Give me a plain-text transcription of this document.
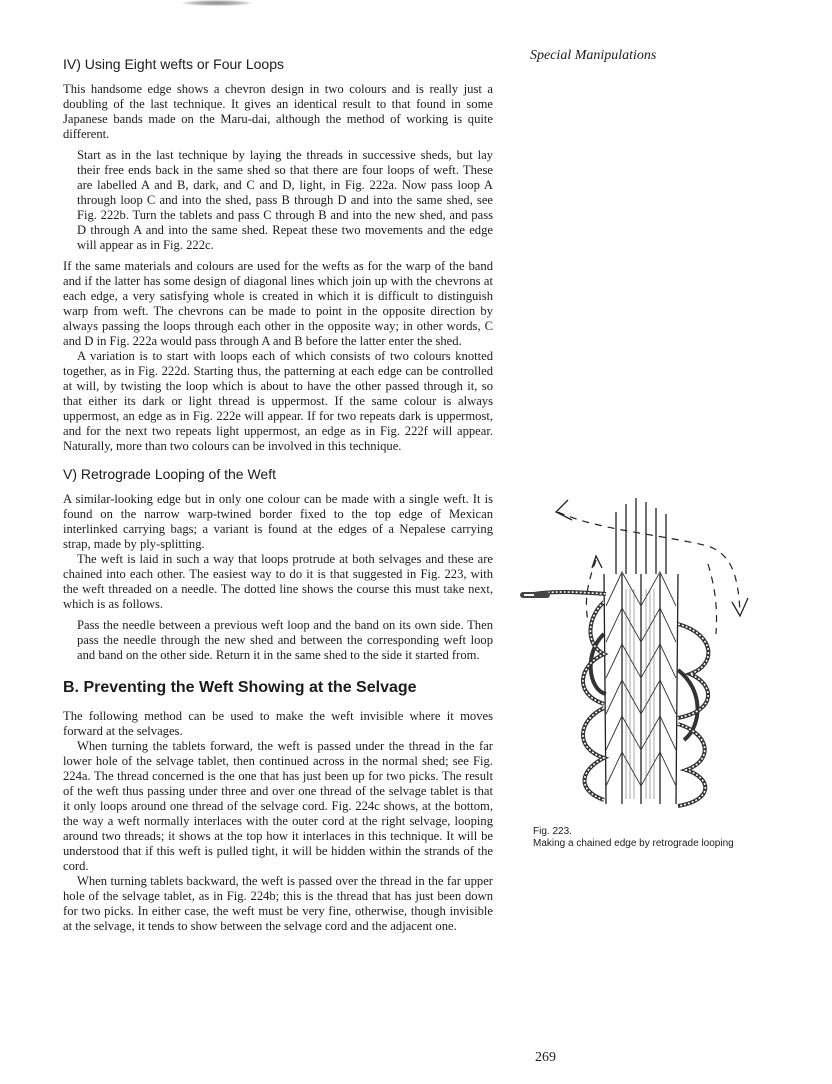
Special Manipulations
IV) Using Eight wefts or Four Loops

This handsome edge shows a chevron design in two colours and is really just a doubling of the last technique. It gives an identical result to that found in some Japanese bands made on the Maru-dai, although the method of working is quite different.

Start as in the last technique by laying the threads in successive sheds, but lay their free ends back in the same shed so that there are four loops of weft. These are labelled A and B, dark, and C and D, light, in Fig. 222a. Now pass loop A through loop C and into the shed, pass B through D and into the same shed, see Fig. 222b. Turn the tablets and pass C through B and into the new shed, and pass D through A and into the same shed. Repeat these two movements and the edge will appear as in Fig. 222c.

If the same materials and colours are used for the wefts as for the warp of the band and if the latter has some design of diagonal lines which join up with the chevrons at each edge, a very satisfying whole is created in which it is difficult to distinguish warp from weft. The chevrons can be made to point in the opposite direction by always passing the loops through each other in the opposite way; in other words, C and D in Fig. 222a would pass through A and B before the latter enter the shed.

A variation is to start with loops each of which consists of two colours knotted together, as in Fig. 222d. Starting thus, the patterning at each edge can be controlled at will, by twisting the loop which is about to have the other passed through it, so that either its dark or light thread is uppermost. If the same colour is always uppermost, an edge as in Fig. 222e will appear. If for two repeats dark is uppermost, and for the next two repeats light uppermost, an edge as in Fig. 222f will appear. Naturally, more than two colours can be involved in this technique.

V) Retrograde Looping of the Weft

A similar-looking edge but in only one colour can be made with a single weft. It is found on the narrow warp-twined border fixed to the top edge of Mexican interlinked carrying bags; a variant is found at the edges of a Nepalese carrying strap, made by ply-splitting.

The weft is laid in such a way that loops protrude at both selvages and these are chained into each other. The easiest way to do it is that suggested in Fig. 223, with the weft threaded on a needle. The dotted line shows the course this must take next, which is as follows.

Pass the needle between a previous weft loop and the band on its own side. Then pass the needle through the new shed and between the corresponding weft loop and band on the other side. Return it in the same shed to the side it started from.

B. Preventing the Weft Showing at the Selvage

The following method can be used to make the weft invisible where it moves forward at the selvages.

When turning the tablets forward, the weft is passed under the thread in the far lower hole of the selvage tablet, then continued across in the normal shed; see Fig. 224a. The thread concerned is the one that has just been up for two picks. The result of the weft thus passing under three and over one thread of the selvage tablet is that it only loops around one thread of the selvage cord. Fig. 224c shows, at the bottom, the way a weft normally interlaces with the outer cord at the right selvage, looping around two threads; it shows at the top how it interlaces in this technique. It will be understood that if this weft is pulled tight, it will be hidden within the strands of the cord.

When turning tablets backward, the weft is passed over the thread in the far upper hole of the selvage tablet, as in Fig. 224b; this is the thread that has just been down for two picks. In either case, the weft must be very fine, otherwise, though invisible at the selvage, it tends to show between the selvage cord and the adjacent one.

Fig. 223.
Making a chained edge by retrograde looping
269
